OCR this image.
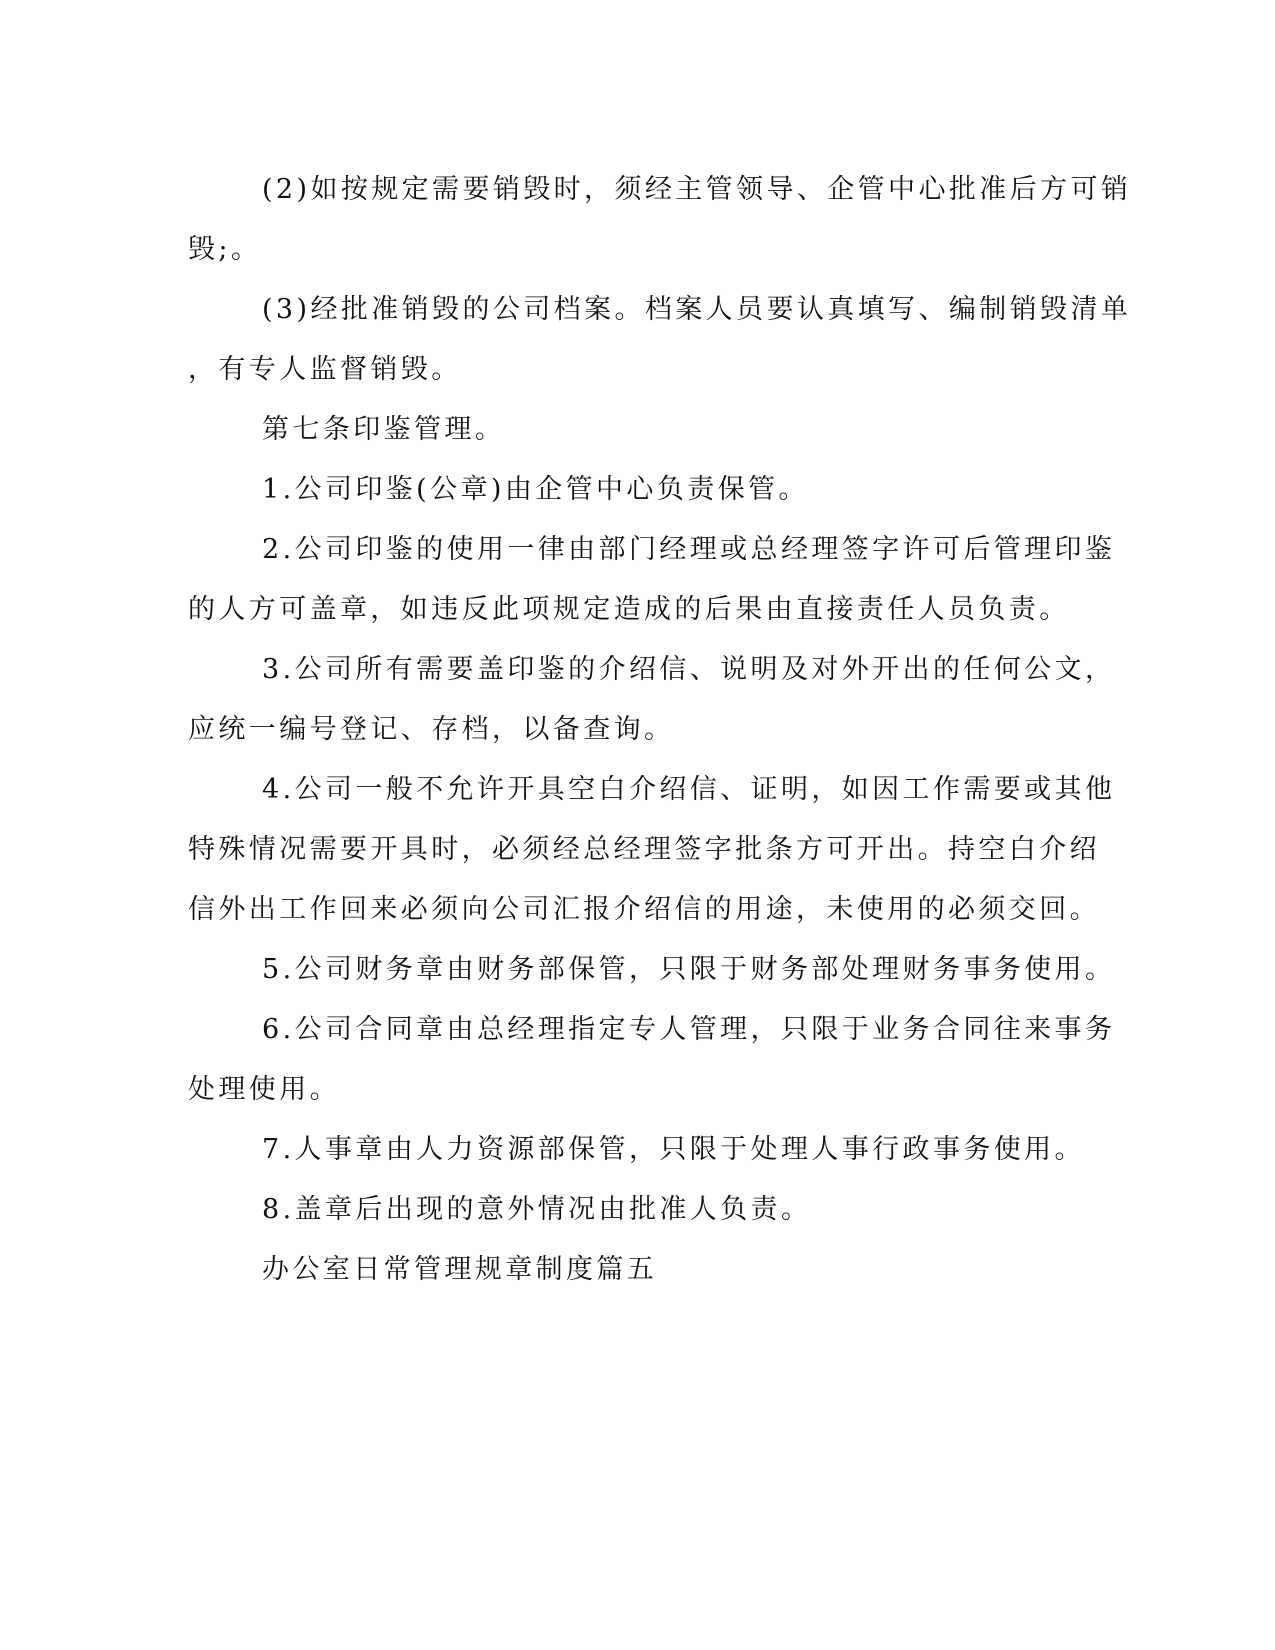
(2)如按规定需要销毁时，须经主管领导、企管中心批准后方可销
毁;。
(3)经批准销毁的公司档案。档案人员要认真填写、编制销毁清单
，有专人监督销毁。
第七条印鉴管理。
1.公司印鉴(公章)由企管中心负责保管。
2.公司印鉴的使用一律由部门经理或总经理签字许可后管理印鉴
的人方可盖章，如违反此项规定造成的后果由直接责任人员负责。
3.公司所有需要盖印鉴的介绍信、说明及对外开出的任何公文，
应统一编号登记、存档，以备查询。
4.公司一般不允许开具空白介绍信、证明，如因工作需要或其他
特殊情况需要开具时，必须经总经理签字批条方可开出。持空白介绍
信外出工作回来必须向公司汇报介绍信的用途，未使用的必须交回。
5.公司财务章由财务部保管，只限于财务部处理财务事务使用。
6.公司合同章由总经理指定专人管理，只限于业务合同往来事务
处理使用。
7.人事章由人力资源部保管，只限于处理人事行政事务使用。
8.盖章后出现的意外情况由批准人负责。
办公室日常管理规章制度篇五
